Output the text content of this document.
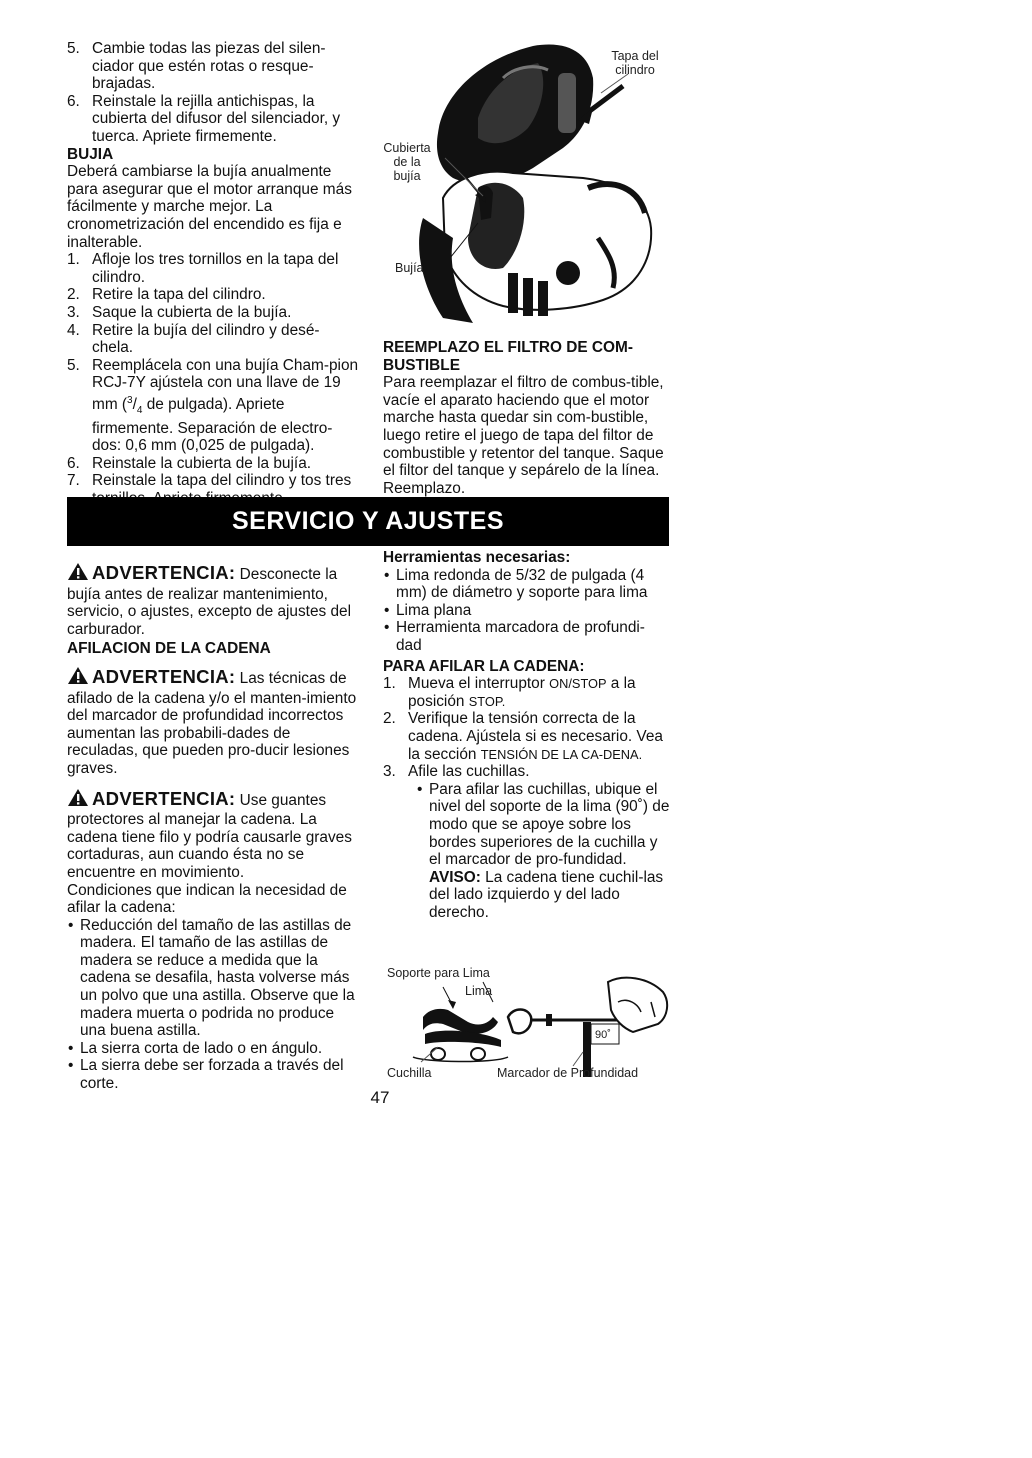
5. Cambie todas las piezas del silen-ciador que estén rotas o resque-brajadas.
6. Reinstale la rejilla antichispas, la cubierta del difusor del silenciador, y tuerca. Apriete firmemente.

BUJIA

Deberá cambiarse la bujía anualmente para asegurar que el motor arranque más fácilmente y marche mejor. La cronometrización del encendido es fija e inalterable.

1. Afloje los tres tornillos en la tapa del cilindro.
2. Retire la tapa del cilindro.
3. Saque la cubierta de la bujía.
4. Retire la bujía del cilindro y desé-chela.
5. Reemplácela con una bujía Cham-pion RCJ-7Y ajústela con una llave de 19 mm ($^3/_4$ de pulgada). Apriete firmemente. Separación de electro-dos: 0,6 mm (0,025 de pulgada).
6. Reinstale la cubierta de la bujía.
7. Reinstale la tapa del cilindro y tos tres
Tapa del cilindro
Cubierta de la bujía
Bujía

REEMPLAZO EL FILTRO DE COM-BUSTIBLE

Para reemplazar el filtro de combus-tible, vacíe el aparato haciendo que el motor marche hasta quedar sin com-bustible, luego retire el juego de tapa del filtor de combustible y retentor del tanque. Saque el filtor del tanque y sepárelo de la línea. Reemplazo.

SERVICIO Y AJUSTES

ADVERTENCIA: Desconecte la bujía antes de realizar mantenimiento, servicio, o ajustes, excepto de ajustes del carburador.

AFILACION DE LA CADENA

ADVERTENCIA: Las técnicas de afilado de la cadena y/o el manten-imiento del marcador de profundidad incorrectos aumentan las probabili-dades de reculadas, que pueden pro-ducir lesiones graves.

ADVERTENCIA: Use guantes protectores al manejar la cadena. La cadena tiene filo y podría causarle graves cortaduras, aun cuando ésta no se encuentre en movimiento.

Condiciones que indican la necesidad de afilar la cadena:

• Reducción del tamaño de las astillas de madera. El tamaño de las astillas de madera se reduce a medida que la cadena se desafila, hasta volverse más un polvo que una astilla. Observe que la madera muerta o podrida no produce una buena astilla.
• La sierra corta de lado o en ángulo.
• La sierra debe ser forzada a través del corte.

Herramientas necesarias:

• Lima redonda de 5/32 de pulgada (4 mm) de diámetro y soporte para lima
• Lima plana
• Herramienta marcadora de profundi-dad

PARA AFILAR LA CADENA:

1. Mueva el interruptor ON/STOP a la posición STOP.
2. Verifique la tensión correcta de la cadena. Ajústela si es necesario. Vea la sección TENSIÓN DE LA CA-DENA.
3. Afile las cuchillas.
• Para afilar las cuchillas, ubique el nivel del soporte de la lima (90˚) de modo que se apoye sobre los bordes superiores de la cuchilla y el marcador de pro-fundidad.
AVISO: La cadena tiene cuchil-las del lado izquierdo y del lado derecho.
Soporte para Lima
Lima
90˚
Cuchilla	Marcador de Profundidad
47
